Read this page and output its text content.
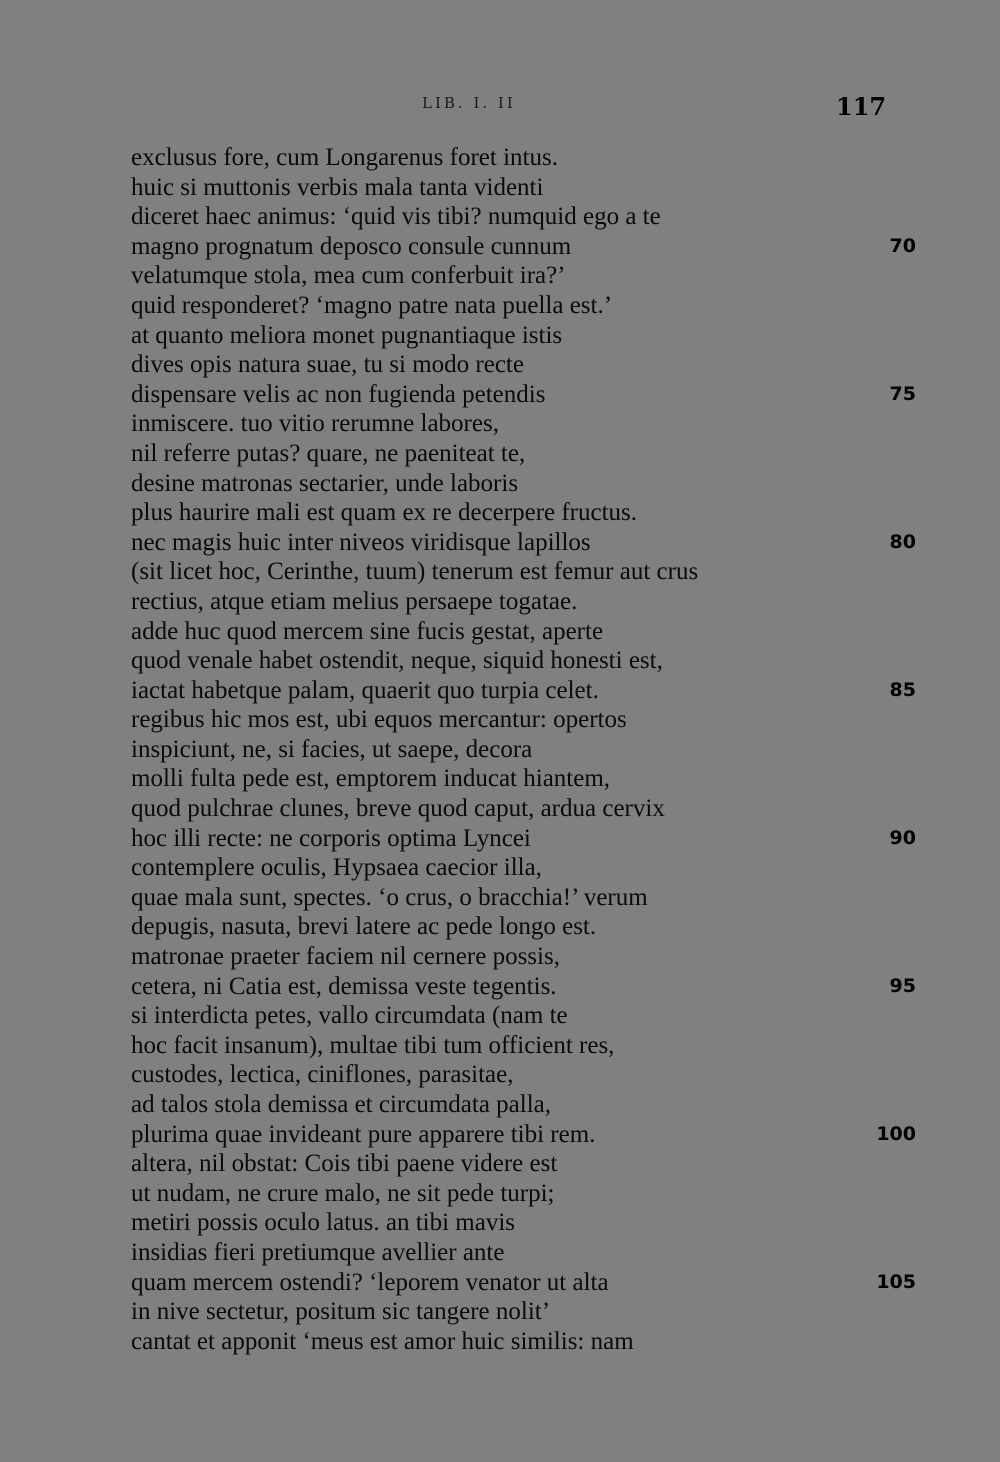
LIB. I. II	117
exclusus fore, cum Longarenus foret intus.
huic si muttonis verbis mala tanta videnti
diceret haec animus: ‘quid vis tibi? numquid ego a te
magno prognatum deposco consule cunnum	70
velatumque stola, mea cum conferbuit ira?’
quid responderet? ‘magno patre nata puella est.’
at quanto meliora monet pugnantiaque istis
dives opis natura suae, tu si modo recte
dispensare velis ac non fugienda petendis	75
inmiscere. tuo vitio rerumne labores,
nil referre putas? quare, ne paeniteat te,
desine matronas sectarier, unde laboris
plus haurire mali est quam ex re decerpere fructus.
nec magis huic inter niveos viridisque lapillos	80
(sit licet hoc, Cerinthe, tuum) tenerum est femur aut crus
rectius, atque etiam melius persaepe togatae.
adde huc quod mercem sine fucis gestat, aperte
quod venale habet ostendit, neque, siquid honesti est,
iactat habetque palam, quaerit quo turpia celet.	85
regibus hic mos est, ubi equos mercantur: opertos
inspiciunt, ne, si facies, ut saepe, decora
molli fulta pede est, emptorem inducat hiantem,
quod pulchrae clunes, breve quod caput, ardua cervix
hoc illi recte: ne corporis optima Lyncei	90
contemplere oculis, Hypsaea caecior illa,
quae mala sunt, spectes. ‘o crus, o bracchia!’ verum
depugis, nasuta, brevi latere ac pede longo est.
matronae praeter faciem nil cernere possis,
cetera, ni Catia est, demissa veste tegentis.	95
si interdicta petes, vallo circumdata (nam te
hoc facit insanum), multae tibi tum officient res,
custodes, lectica, ciniflones, parasitae,
ad talos stola demissa et circumdata palla,
plurima quae invideant pure apparere tibi rem.	100
altera, nil obstat: Cois tibi paene videre est
ut nudam, ne crure malo, ne sit pede turpi;
metiri possis oculo latus. an tibi mavis
insidias fieri pretiumque avellier ante
quam mercem ostendi? ‘leporem venator ut alta	105
in nive sectetur, positum sic tangere nolit’
cantat et apponit ‘meus est amor huic similis: nam
